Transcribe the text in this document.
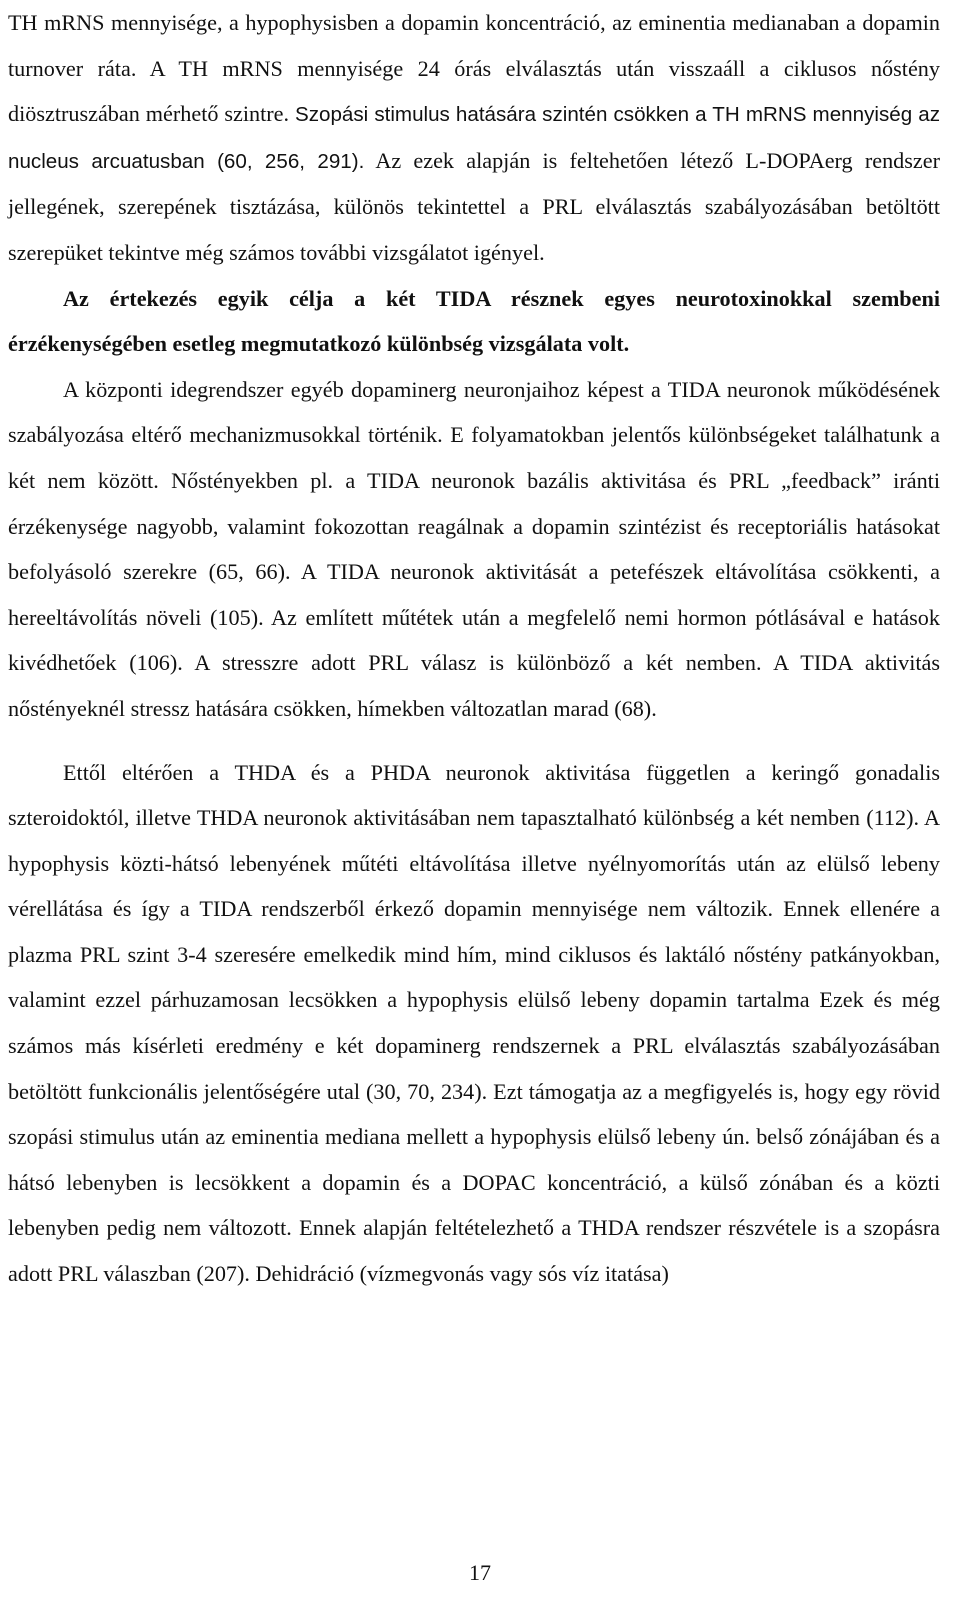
TH mRNS mennyisége, a hypophysisben a dopamin koncentráció, az eminentia medianaban a dopamin turnover ráta. A TH mRNS mennyisége 24 órás elválasztás után visszaáll a ciklusos nőstény diösztruszában mérhető szintre. Szopási stimulus hatására szintén csökken a TH mRNS mennyiség az nucleus arcuatusban (60, 256, 291). Az ezek alapján is feltehetően létező L-DOPAerg rendszer jellegének, szerepének tisztázása, különös tekintettel a PRL elválasztás szabályozásában betöltött szerepüket tekintve még számos további vizsgálatot igényel.

Az értekezés egyik célja a két TIDA résznek egyes neurotoxinokkal szembeni érzékenységében esetleg megmutatkozó különbség vizsgálata volt.

A központi idegrendszer egyéb dopaminerg neuronjaihoz képest a TIDA neuronok működésének szabályozása eltérő mechanizmusokkal történik. E folyamatokban jelentős különbségeket találhatunk a két nem között. Nőstényekben pl. a TIDA neuronok bazális aktivitása és PRL „feedback” iránti érzékenysége nagyobb, valamint fokozottan reagálnak a dopamin szintézist és receptoriális hatásokat befolyásoló szerekre (65, 66). A TIDA neuronok aktivitását a petefészek eltávolítása csökkenti, a hereeltávolítás növeli (105). Az említett műtétek után a megfelelő nemi hormon pótlásával e hatások kivédhetőek (106). A stresszre adott PRL válasz is különböző a két nemben. A TIDA aktivitás nőstényeknél stressz hatására csökken, hímekben változatlan marad (68).

Ettől eltérően a THDA és a PHDA neuronok aktivitása független a keringő gonadalis szteroidoktól, illetve THDA neuronok aktivitásában nem tapasztalható különbség a két nemben (112). A hypophysis közti-hátsó lebenyének műtéti eltávolítása illetve nyélnyomorítás után az elülső lebeny vérellátása és így a TIDA rendszerből érkező dopamin mennyisége nem változik. Ennek ellenére a plazma PRL szint 3-4 szeresére emelkedik mind hím, mind ciklusos és laktáló nőstény patkányokban, valamint ezzel párhuzamosan lecsökken a hypophysis elülső lebeny dopamin tartalma Ezek és még számos más kísérleti eredmény e két dopaminerg rendszernek a PRL elválasztás szabályozásában betöltött funkcionális jelentőségére utal (30, 70, 234). Ezt támogatja az a megfigyelés is, hogy egy rövid szopási stimulus után az eminentia mediana mellett a hypophysis elülső lebeny ún. belső zónájában és a hátsó lebenyben is lecsökkent a dopamin és a DOPAC koncentráció, a külső zónában és a közti lebenyben pedig nem változott. Ennek alapján feltételezhető a THDA rendszer részvétele is a szopásra adott PRL válaszban (207). Dehidráció (vízmegvonás vagy sós víz itatása)

17
